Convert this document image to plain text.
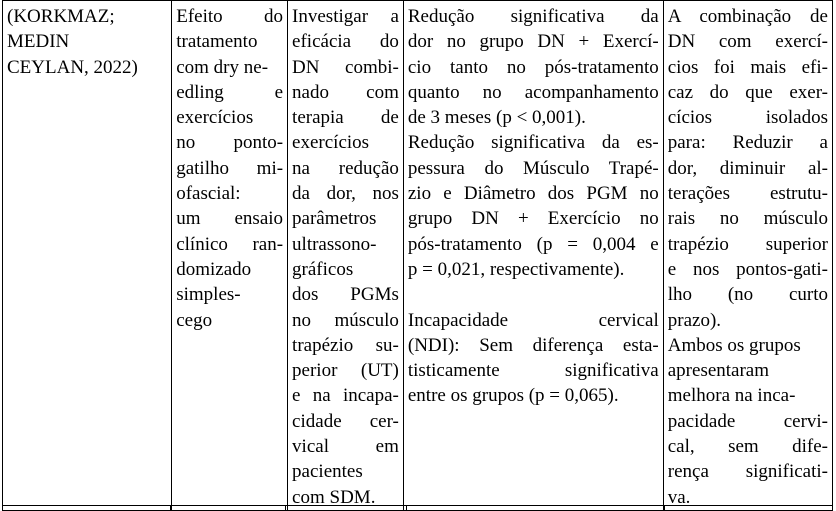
(KORKMAZ;
MEDIN
CEYLAN, 2022)

Efeito do
tratamento
com dry ne-
edling e
exercícios
no ponto-
gatilho mi-
ofascial:
um ensaio
clínico ran-
domizado
simples-
cego

Investigar a
eficácia do
DN combi-
nado com
terapia de
exercícios
na redução
da dor, nos
parâmetros
ultrassono-
gráficos
dos PGMs
no músculo
trapézio su-
perior (UT)
e na incapa-
cidade cer-
vical em
pacientes
com SDM.

Redução significativa da
dor no grupo DN + Exercí-
cio tanto no pós-tratamento
quanto no acompanhamento
de 3 meses (p < 0,001).
Redução significativa da es-
pessura do Músculo Trapé-
zio e Diâmetro dos PGM no
grupo DN + Exercício no
pós-tratamento (p = 0,004 e
p = 0,021, respectivamente).
Incapacidade cervical
(NDI): Sem diferença esta-
tisticamente significativa
entre os grupos (p = 0,065).

A combinação de
DN com exercí-
cios foi mais efi-
caz do que exer-
cícios isolados
para: Reduzir a
dor, diminuir al-
terações estrutu-
rais no músculo
trapézio superior
e nos pontos-gati-
lho (no curto
prazo).
Ambos os grupos
apresentaram
melhora na inca-
pacidade cervi-
cal, sem dife-
rença significati-
va.
